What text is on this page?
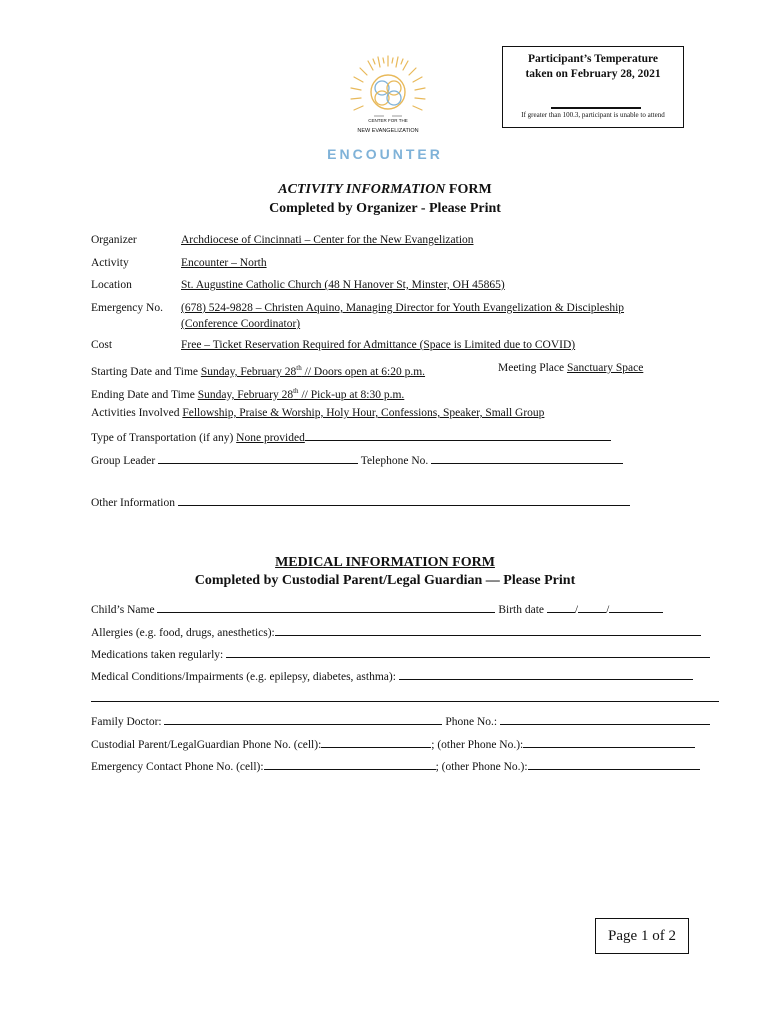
Participant’s Temperature
taken on February 28, 2021
If greater than 100.3, participant is unable to attend
CENTER FOR THE
NEW EVANGELIZATION
ENCOUNTER
ACTIVITY INFORMATION FORM
Completed by Organizer - Please Print
Organizer	Archdiocese of Cincinnati – Center for the New Evangelization
Activity	Encounter – North
Location	St. Augustine Catholic Church (48 N Hanover St, Minster, OH 45865)
Emergency No. (678) 524-9828 – Christen Aquino, Managing Director for Youth Evangelization & Discipleship
(Conference Coordinator)
Cost	Free – Ticket Reservation Required for Admittance (Space is Limited due to COVID)
Starting Date and Time Sunday, February 28th // Doors open at 6:20 p.m.	Meeting Place Sanctuary Space
Ending Date and Time Sunday, February 28th // Pick-up at 8:30 p.m.
Activities Involved Fellowship, Praise & Worship, Holy Hour, Confessions, Speaker, Small Group
Type of Transportation (if any) None provided
Group Leader	Telephone No.
Other Information
MEDICAL INFORMATION FORM
Completed by Custodial Parent/Legal Guardian — Please Print
Child’s Name	Birth date / /
Allergies (e.g. food, drugs, anesthetics):
Medications taken regularly:
Medical Conditions/Impairments (e.g. epilepsy, diabetes, asthma):
Family Doctor:	Phone No.:
Custodial Parent/LegalGuardian Phone No. (cell):	; (other Phone No.):
Emergency Contact Phone No. (cell):	; (other Phone No.):
Page 1 of 2
